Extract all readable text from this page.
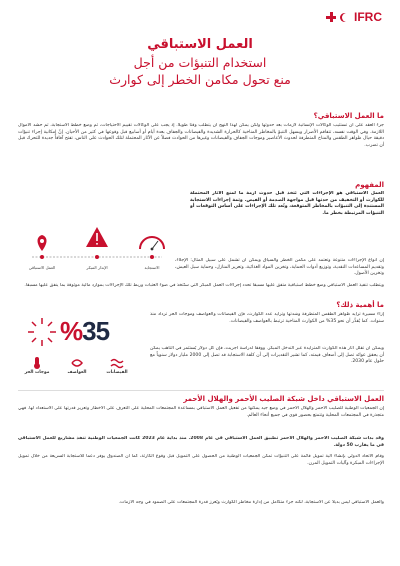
IFRC
العمل الاستباقي
استخدام التنبؤات من أجل
منع تحول مكامن الخطر إلى كوارث
ما العمل الاستباقي؟
جزء العقد على أن تستثيب الوكالات الإنسانية لأزمات بعد حدوثها ولكن يمكن لهذا النهج أن يتطلب وقتاً طويلاً. إذ يجب على الوكالات تقييم الاحتياجات، ثم وضع خطط الاستجابة، ثم حشد الأموال اللازمة. وفي الوقت نفسه، تتفاقم الأضرار ويسهل التنبؤ بالمخاطر المناخية كالحرارة الشديدة والفيضانات والجفاف بعدة أيام أو أسابيع قبل وقوعها في كثير من الأحيان. إنّ إمكانية إجراء تنبؤات دقيقة حيال ظواهر الطقس والمناخ المتطرفة لحدوث الأعاصير وموجات الجفاف والفيضانات وغيرها من الحوادث فضلاً عن الآثار المحتملة لتلك الحوادث على الناس، تفتح آفاقاً جديدة للتحرك قبل أن تضرب.
المفهوم
العمل الاستباقي هو الإجراءات التي تُتخذ قبل حدوث أزمة ما لمنع الآثار المحتملة للكوارث أو التخفيف من حدتها قبل مواجهة الصدمة أو الفيض. وثمة إجراءات الاستجابة المستندة إلى التنبؤات بالمخاطر المتوقعة، وتُعد تلك الإجراءات على أساس التوقعات أو التنبؤات المرتبطة بخطر ما.
العمل الاستباقي	الإنذار المبكر	الاستجابة
إن أنواع الإجراءات متنوعة وتعتمد على مكمن الخطر والسياق ويمكن أن تشمل على سبيل المثال: الإجلاء، وتقديم المساعدات النقدية، وتوزيع أدوات الحماية، وتخزين المواد الغذائية، وتعزيز المنازل، وحماية سبل العيش، وتخزين الأصول.
ويتطلب تنفيذ العمل الاستباقي وضع خطط استباقية متفق عليها مسبقاً تحدد إجراءات العمل المبكر التي ستُتخذ في ضوء العتبات وربط تلك الإجراءات بموارد مالية موثوقة بما ينفق عليها مسبقاً.
ما أهمية ذلك؟
%35
موجات الحر	العواصف	الفيضانات
إزاء مسيرة تزايد ظواهر الطقس المتطرفة وشدتها وتزايد عدد الكوارث، فإن الفيضانات والعواصف وموجات الحر تزداد منذ سنوات. كما يُقدَّر أن نحو 35% من الكوارث المناخية ترتبط بالعواصف والفيضانات.
ويمكن أن تقلل آثار هذه الكوارث المتزايدة عبر التدخل المبكر. ووفقاً لدراسة أُجريت، فإن كل دولار يُستثمر في التأهب يمكن أن يحقق عوائد تصل إلى أضعاف قيمته، كما تشير التقديرات إلى أن كلفة الاستجابة قد تصل إلى 2000 مليار دولار سنوياً مع حلول عام 2030.
العمل الاستباقي داخل شبكة الصليب الأحمر والهلال الأحمر
إن الجمعيات الوطنية للصليب الأحمر والهلال الأحمر في وضع جيد يمكنها من تفعيل العمل الاستباقي بمساعدة المجتمعات المحلية على التعرف على الأخطار وتعزيز قدرتها على الاستعداد لها. فهي متجذرة في المجتمعات المحلية وتتمتع بحضور قوي في جميع أنحاء العالم.
وقد بدأت شبكة الصليب الأحمر والهلال الأحمر تطبيق العمل الاستباقي في عام 2008. منذ بداية عام 2023 كانت الجمعيات الوطنية تنفذ مشاريع للعمل الاستباقي في ما يقارب 50 دولة.
وقام الاتحاد الدولي بإنشاء آلية تمويل قائمة على التنبؤات تمكّن الجمعيات الوطنية من الحصول على التمويل قبل وقوع الكارثة، كما أن الصندوق يوفر دعماً للاستجابة السريعة من خلال تمويل الإجراءات المبكرة وآليات التمويل المرن.
والعمل الاستباقي ليس بديلاً عن الاستجابة، لكنه جزء متكامل من إدارة مخاطر الكوارث ويُعزز قدرة المجتمعات على الصمود في وجه الأزمات.
